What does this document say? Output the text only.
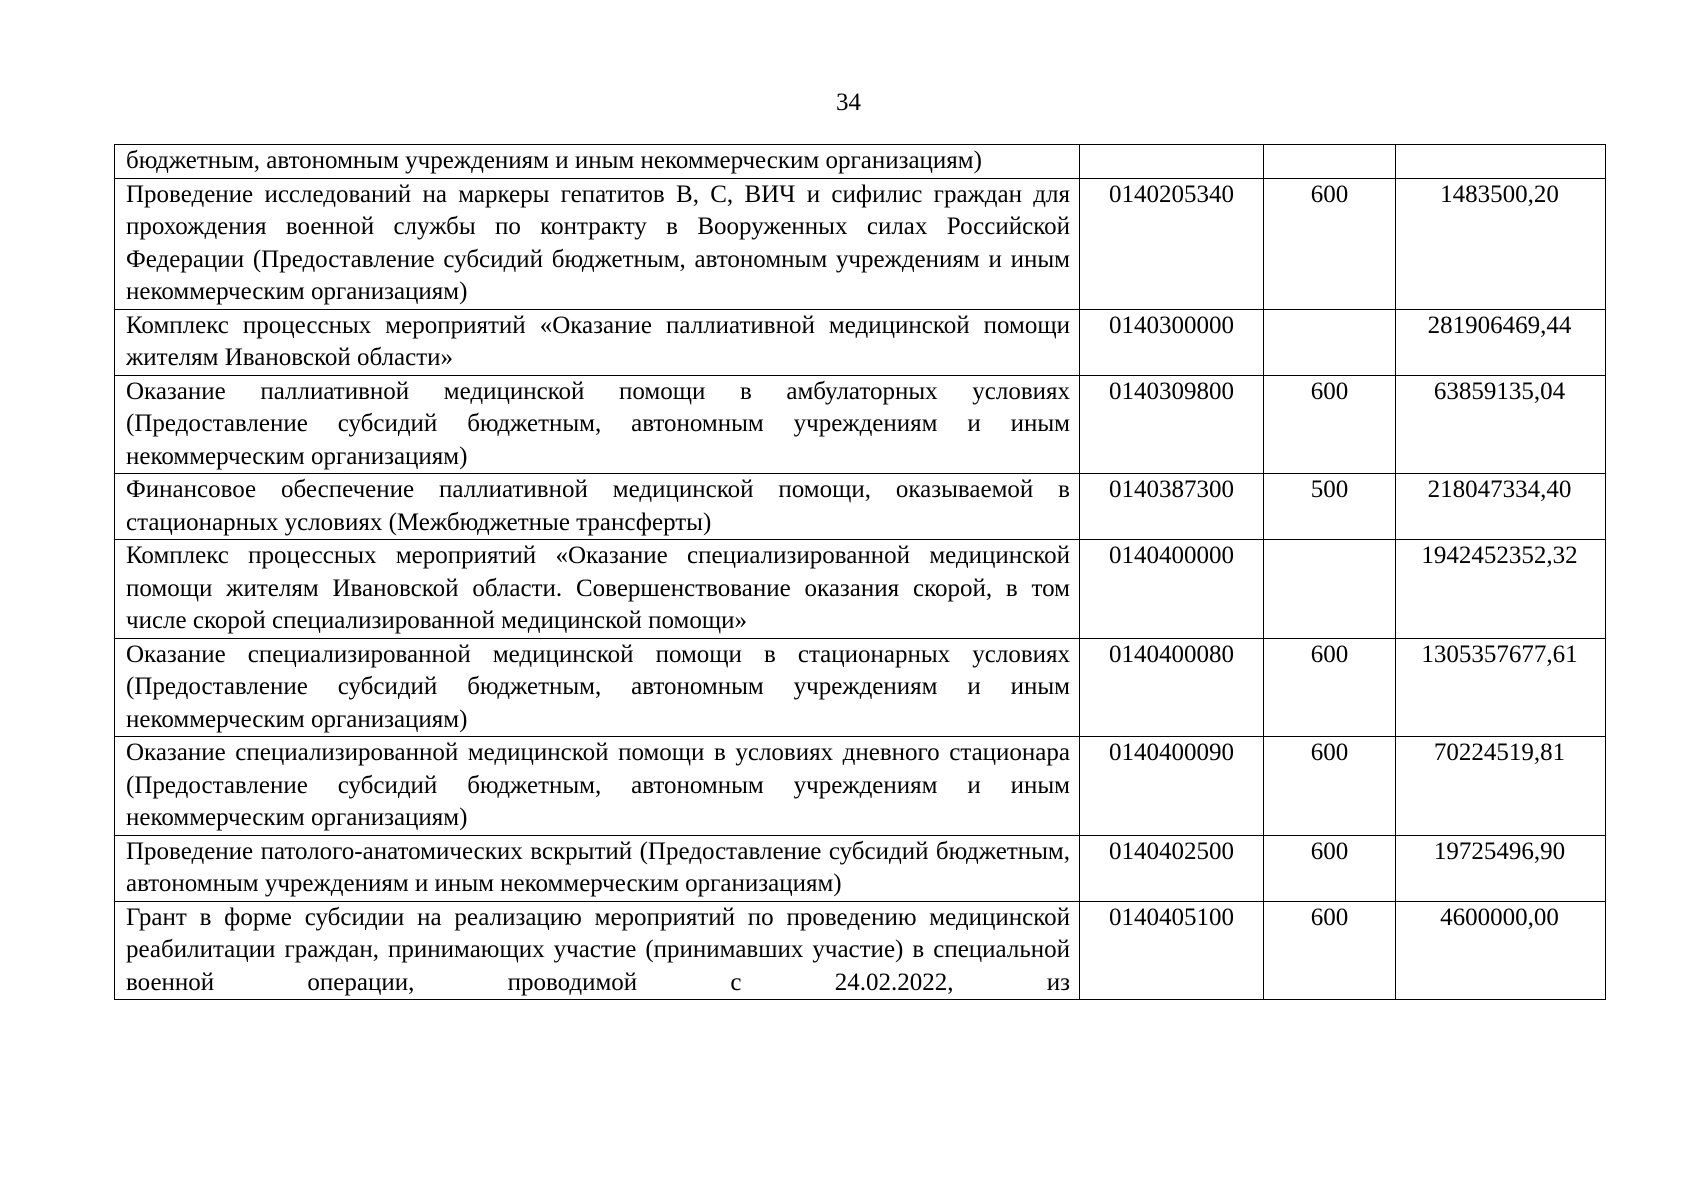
34
бюджетным, автономным учреждениям и иным некоммерческим организациям)			
Проведение исследований на маркеры гепатитов В, С, ВИЧ и сифилис граждан для прохождения военной службы по контракту в Вооруженных силах Российской Федерации (Предоставление субсидий бюджетным, автономным учреждениям и иным некоммерческим организациям)	0140205340	600	1483500,20
Комплекс процессных мероприятий «Оказание паллиативной медицинской помощи жителям Ивановской области»	0140300000		281906469,44
Оказание паллиативной медицинской помощи в амбулаторных условиях (Предоставление субсидий бюджетным, автономным учреждениям и иным некоммерческим организациям)	0140309800	600	63859135,04
Финансовое обеспечение паллиативной медицинской помощи, оказываемой в стационарных условиях (Межбюджетные трансферты)	0140387300	500	218047334,40
Комплекс процессных мероприятий «Оказание специализированной медицинской помощи жителям Ивановской области. Совершенствование оказания скорой, в том числе скорой специализированной медицинской помощи»	0140400000		1942452352,32
Оказание специализированной медицинской помощи в стационарных условиях (Предоставление субсидий бюджетным, автономным учреждениям и иным некоммерческим организациям)	0140400080	600	1305357677,61
Оказание специализированной медицинской помощи в условиях дневного стационара (Предоставление субсидий бюджетным, автономным учреждениям и иным некоммерческим организациям)	0140400090	600	70224519,81
Проведение патолого-анатомических вскрытий (Предоставление субсидий бюджетным, автономным учреждениям и иным некоммерческим организациям)	0140402500	600	19725496,90
Грант в форме субсидии на реализацию мероприятий по проведению медицинской реабилитации граждан, принимающих участие (принимавших участие) в специальной военной операции, проводимой с 24.02.2022, из	0140405100	600	4600000,00
